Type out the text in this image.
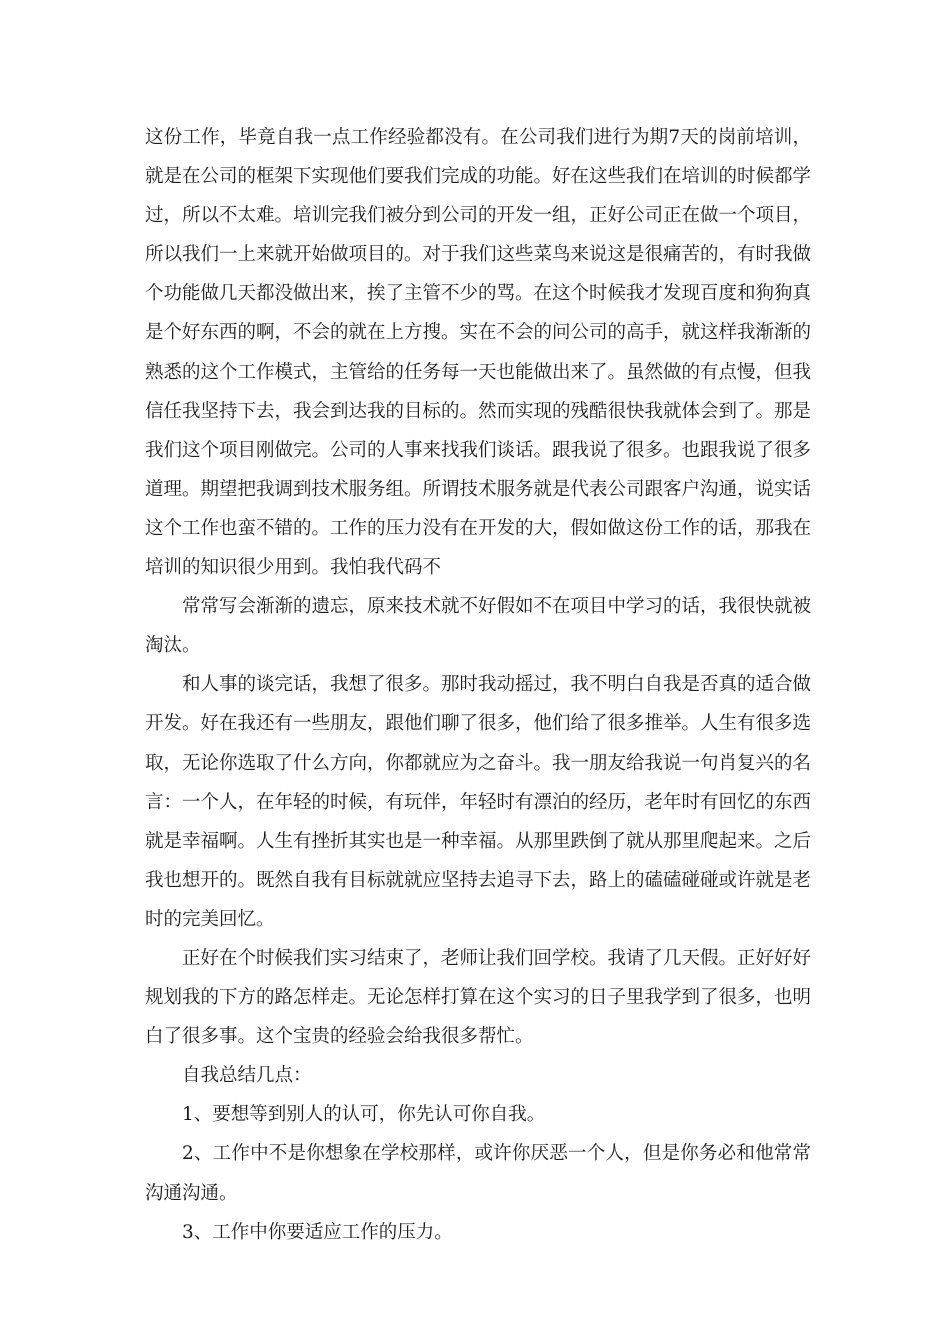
这份工作，毕竟自我一点工作经验都没有。在公司我们进行为期7天的岗前培训，就是在公司的框架下实现他们要我们完成的功能。好在这些我们在培训的时候都学过，所以不太难。培训完我们被分到公司的开发一组，正好公司正在做一个项目，所以我们一上来就开始做项目的。对于我们这些菜鸟来说这是很痛苦的，有时我做个功能做几天都没做出来，挨了主管不少的骂。在这个时候我才发现百度和狗狗真是个好东西的啊，不会的就在上方搜。实在不会的问公司的高手，就这样我渐渐的熟悉的这个工作模式，主管给的任务每一天也能做出来了。虽然做的有点慢，但我信任我坚持下去，我会到达我的目标的。然而实现的残酷很快我就体会到了。那是我们这个项目刚做完。公司的人事来找我们谈话。跟我说了很多。也跟我说了很多道理。期望把我调到技术服务组。所谓技术服务就是代表公司跟客户沟通，说实话这个工作也蛮不错的。工作的压力没有在开发的大，假如做这份工作的话，那我在培训的知识很少用到。我怕我代码不

常常写会渐渐的遗忘，原来技术就不好假如不在项目中学习的话，我很快就被淘汰。

和人事的谈完话，我想了很多。那时我动摇过，我不明白自我是否真的适合做开发。好在我还有一些朋友，跟他们聊了很多，他们给了很多推举。人生有很多选取，无论你选取了什么方向，你都就应为之奋斗。我一朋友给我说一句肖复兴的名言：一个人，在年轻的时候，有玩伴，年轻时有漂泊的经历，老年时有回忆的东西就是幸福啊。人生有挫折其实也是一种幸福。从那里跌倒了就从那里爬起来。之后我也想开的。既然自我有目标就就应坚持去追寻下去，路上的磕磕碰碰或许就是老时的完美回忆。

正好在个时候我们实习结束了，老师让我们回学校。我请了几天假。正好好好规划我的下方的路怎样走。无论怎样打算在这个实习的日子里我学到了很多，也明白了很多事。这个宝贵的经验会给我很多帮忙。

自我总结几点：

1、要想等到别人的认可，你先认可你自我。

2、工作中不是你想象在学校那样，或许你厌恶一个人，但是你务必和他常常沟通沟通。

3、工作中你要适应工作的压力。
